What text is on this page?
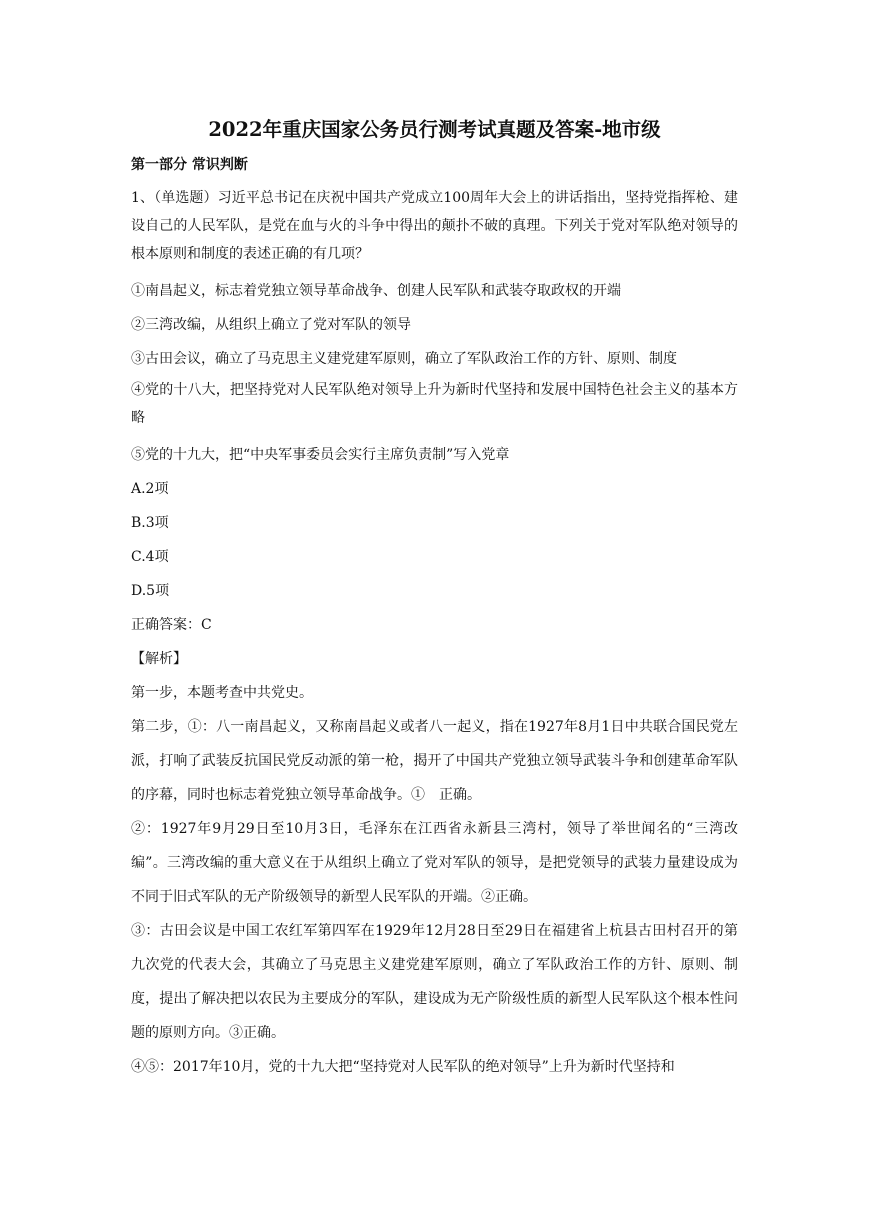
2022年重庆国家公务员行测考试真题及答案-地市级
第一部分 常识判断

1、（单选题）习近平总书记在庆祝中国共产党成立100周年大会上的讲话指出，坚持党指挥枪、建设自己的人民军队，是党在血与火的斗争中得出的颠扑不破的真理。下列关于党对军队绝对领导的根本原则和制度的表述正确的有几项？

①南昌起义，标志着党独立领导革命战争、创建人民军队和武装夺取政权的开端

②三湾改编，从组织上确立了党对军队的领导

③古田会议，确立了马克思主义建党建军原则，确立了军队政治工作的方针、原则、制度

④党的十八大，把坚持党对人民军队绝对领导上升为新时代坚持和发展中国特色社会主义的基本方略

⑤党的十九大，把“中央军事委员会实行主席负责制”写入党章

A.2项

B.3项

C.4项

D.5项

正确答案：C

【解析】

第一步，本题考查中共党史。

第二步，①：八一南昌起义，又称南昌起义或者八一起义，指在1927年8月1日中共联合国民党左派，打响了武装反抗国民党反动派的第一枪，揭开了中国共产党独立领导武装斗争和创建革命军队的序幕，同时也标志着党独立领导革命战争。①　正确。

②：1927年9月29日至10月3日，毛泽东在江西省永新县三湾村，领导了举世闻名的“三湾改编”。三湾改编的重大意义在于从组织上确立了党对军队的领导，是把党领导的武装力量建设成为不同于旧式军队的无产阶级领导的新型人民军队的开端。②正确。

③：古田会议是中国工农红军第四军在1929年12月28日至29日在福建省上杭县古田村召开的第九次党的代表大会，其确立了马克思主义建党建军原则，确立了军队政治工作的方针、原则、制度，提出了解决把以农民为主要成分的军队，建设成为无产阶级性质的新型人民军队这个根本性问题的原则方向。③正确。

④⑤：2017年10月，党的十九大把“坚持党对人民军队的绝对领导”上升为新时代坚持和
